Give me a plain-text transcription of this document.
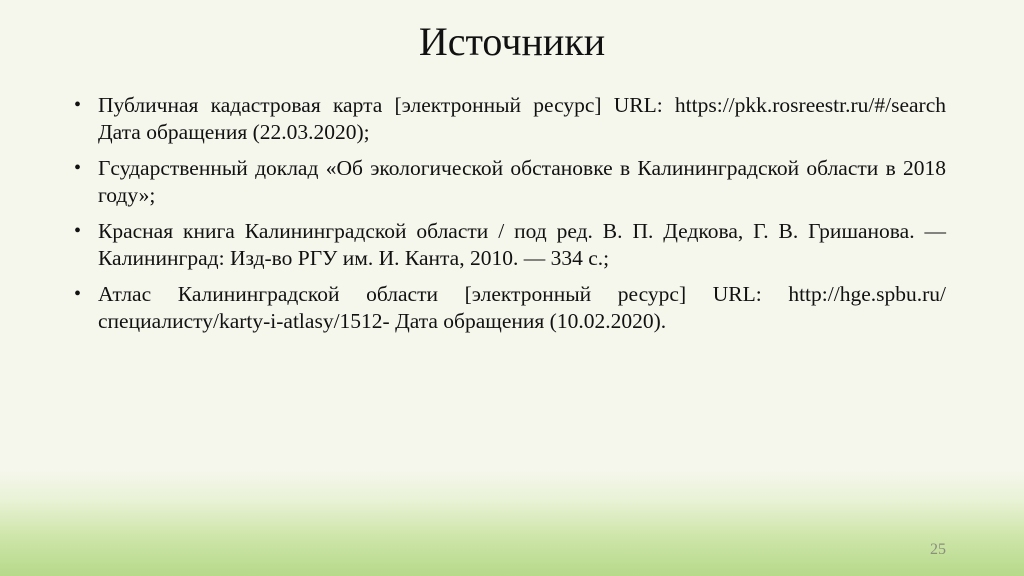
Источники
• Публичная кадастровая карта [электронный ресурс] URL: https://pkk.rosreestr.ru/#/search Дата обращения (22.03.2020);
• Гсударственный доклад «Об экологической обстановке в Калининградской области в 2018 году»;
• Красная книга Калининградской области / под ред. В. П. Дедкова, Г. В. Гришанова. — Калининград: Изд-во РГУ им. И. Канта, 2010. — 334 с.;
• Атлас Калининградской области [электронный ресурс] URL: http://hge.spbu.ru/специалисту/karty-i-atlasy/1512- Дата обращения (10.02.2020).
25
